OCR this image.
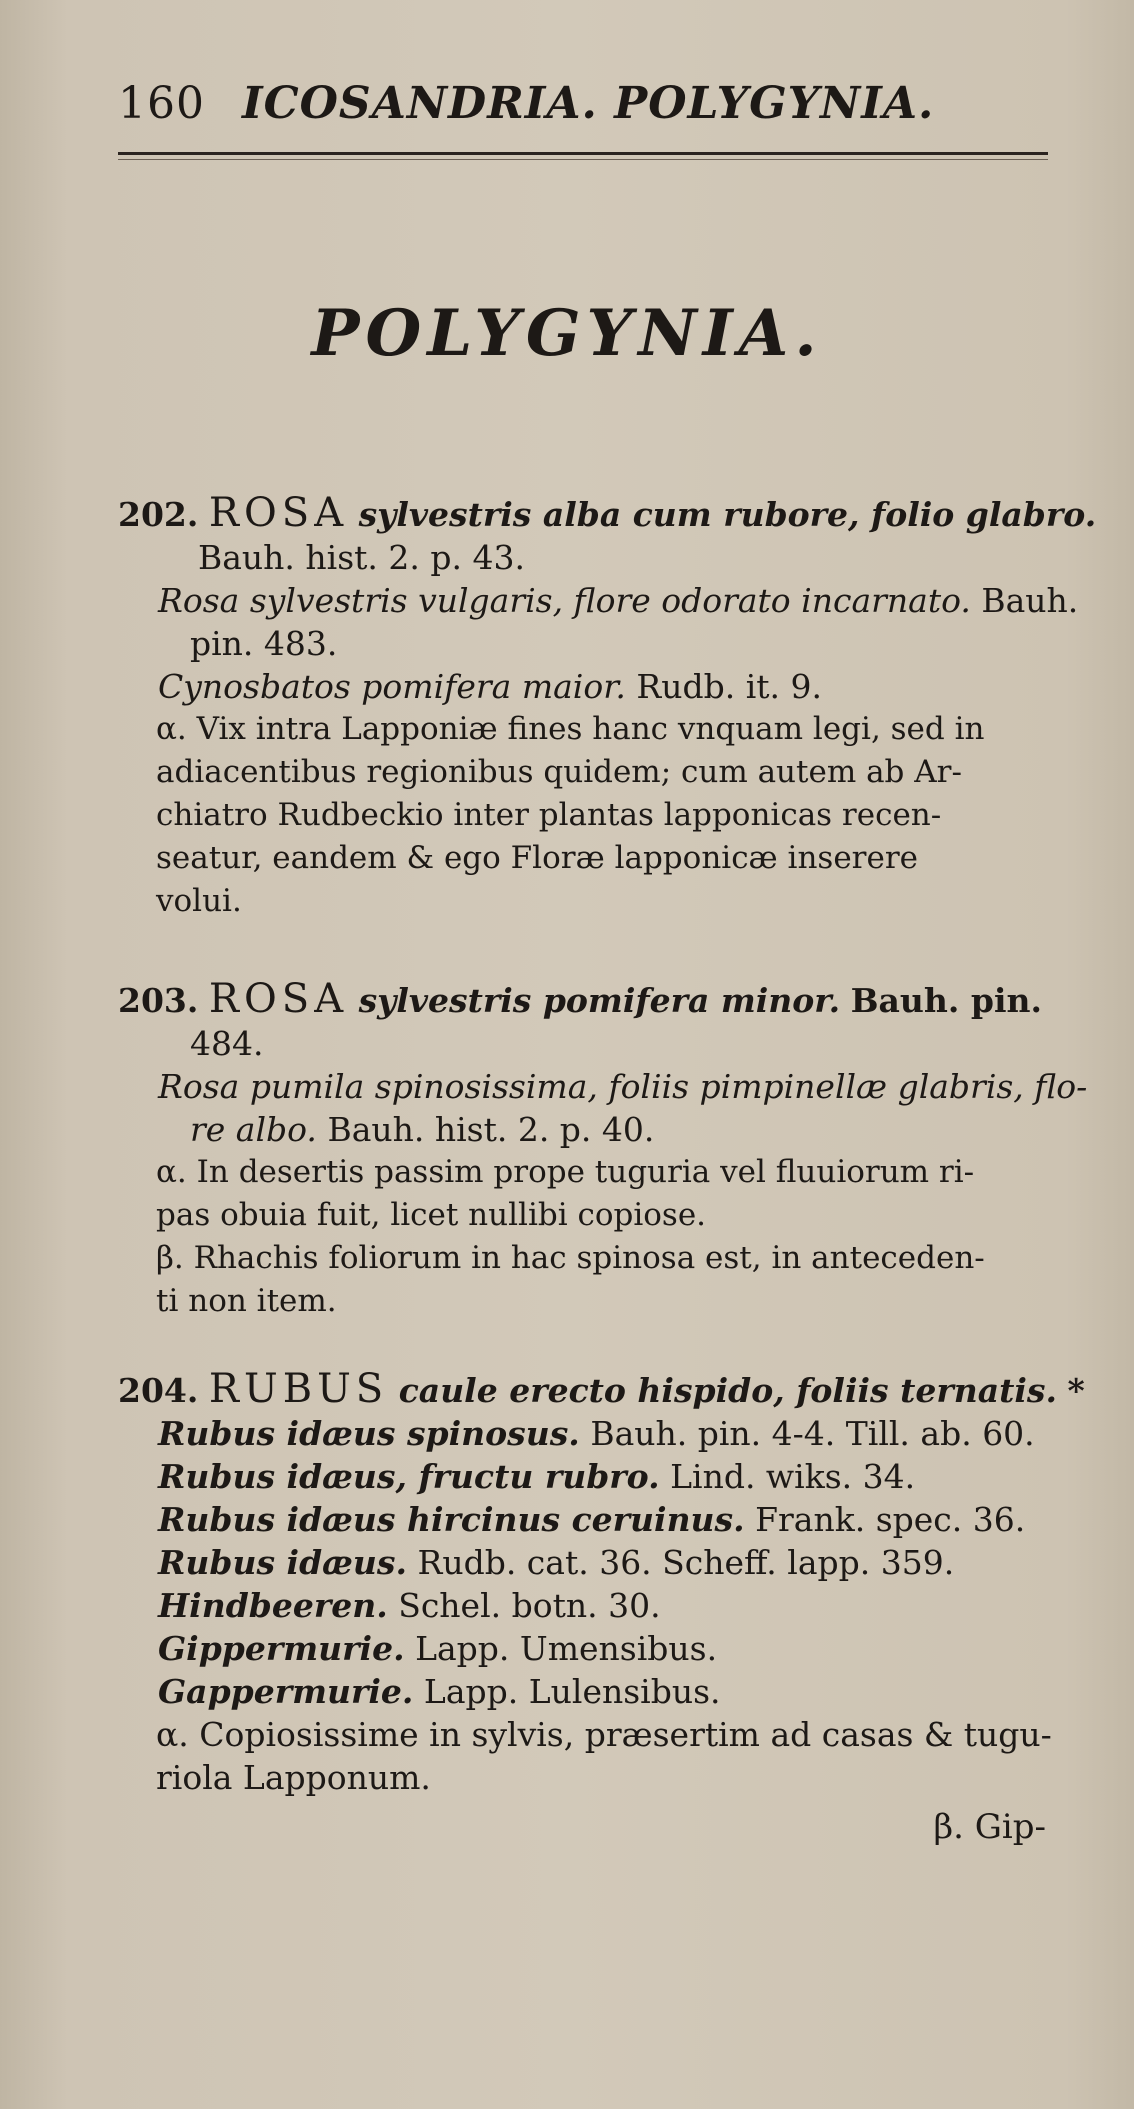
160 ICOSANDRIA. POLYGYNIA.
POLYGYNIA.
202. ROSA sylvestris alba cum rubore, folio glabro.
Bauh. hist. 2. p. 43.
Rosa sylvestris vulgaris, flore odorato incarnato. Bauh.
pin. 483.
Cynosbatos pomifera maior. Rudb. it. 9.
α. Vix intra Lapponiæ fines hanc vnquam legi, sed in
adiacentibus regionibus quidem; cum autem ab Ar-
chiatro Rudbeckio inter plantas lapponicas recen-
seatur, eandem & ego Floræ lapponicæ inserere
volui.
203. ROSA sylvestris pomifera minor. Bauh. pin.
484.
Rosa pumila spinosissima, foliis pimpinellæ glabris, flo-
re albo. Bauh. hist. 2. p. 40.
α. In desertis passim prope tuguria vel fluuiorum ri-
pas obuia fuit, licet nullibi copiose.
β. Rhachis foliorum in hac spinosa est, in anteceden-
ti non item.
204. RUBUS caule erecto hispido, foliis ternatis. *
Rubus idæus spinosus. Bauh. pin. 4-4. Till. ab. 60.
Rubus idæus, fructu rubro. Lind. wiks. 34.
Rubus idæus hircinus ceruinus. Frank. spec. 36.
Rubus idæus. Rudb. cat. 36. Scheff. lapp. 359.
Hindbeeren. Schel. botn. 30.
Gippermurie. Lapp. Umensibus.
Gappermurie. Lapp. Lulensibus.
α. Copiosissime in sylvis, præsertim ad casas & tugu-
riola Lapponum.
β. Gip-
